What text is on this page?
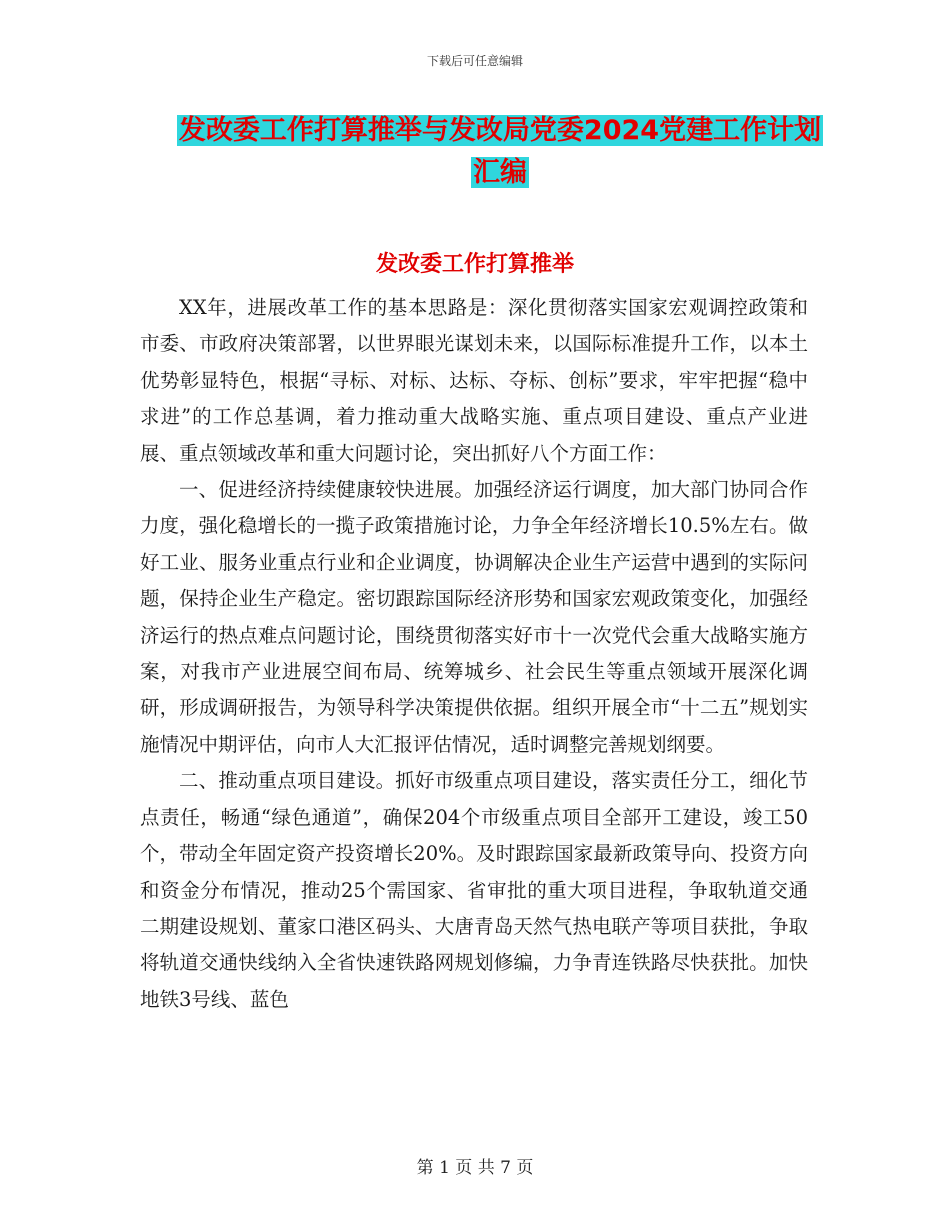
下载后可任意编辑
发改委工作打算推举与发改局党委2024党建工作计划
汇编
发改委工作打算推举

XX年，进展改革工作的基本思路是：深化贯彻落实国家宏观调控政策和市委、市政府决策部署，以世界眼光谋划未来，以国际标准提升工作，以本土优势彰显特色，根据“寻标、对标、达标、夺标、创标”要求，牢牢把握“稳中求进”的工作总基调，着力推动重大战略实施、重点项目建设、重点产业进展、重点领域改革和重大问题讨论，突出抓好八个方面工作：

一、促进经济持续健康较快进展。加强经济运行调度，加大部门协同合作力度，强化稳增长的一揽子政策措施讨论，力争全年经济增长10.5%左右。做好工业、服务业重点行业和企业调度，协调解决企业生产运营中遇到的实际问题，保持企业生产稳定。密切跟踪国际经济形势和国家宏观政策变化，加强经济运行的热点难点问题讨论，围绕贯彻落实好市十一次党代会重大战略实施方案，对我市产业进展空间布局、统筹城乡、社会民生等重点领域开展深化调研，形成调研报告，为领导科学决策提供依据。组织开展全市“十二五”规划实施情况中期评估，向市人大汇报评估情况，适时调整完善规划纲要。

二、推动重点项目建设。抓好市级重点项目建设，落实责任分工，细化节点责任，畅通“绿色通道”，确保204个市级重点项目全部开工建设，竣工50个，带动全年固定资产投资增长20%。及时跟踪国家最新政策导向、投资方向和资金分布情况，推动25个需国家、省审批的重大项目进程，争取轨道交通二期建设规划、董家口港区码头、大唐青岛天然气热电联产等项目获批，争取将轨道交通快线纳入全省快速铁路网规划修编，力争青连铁路尽快获批。加快地铁3号线、蓝色

第 1 页 共 7 页
